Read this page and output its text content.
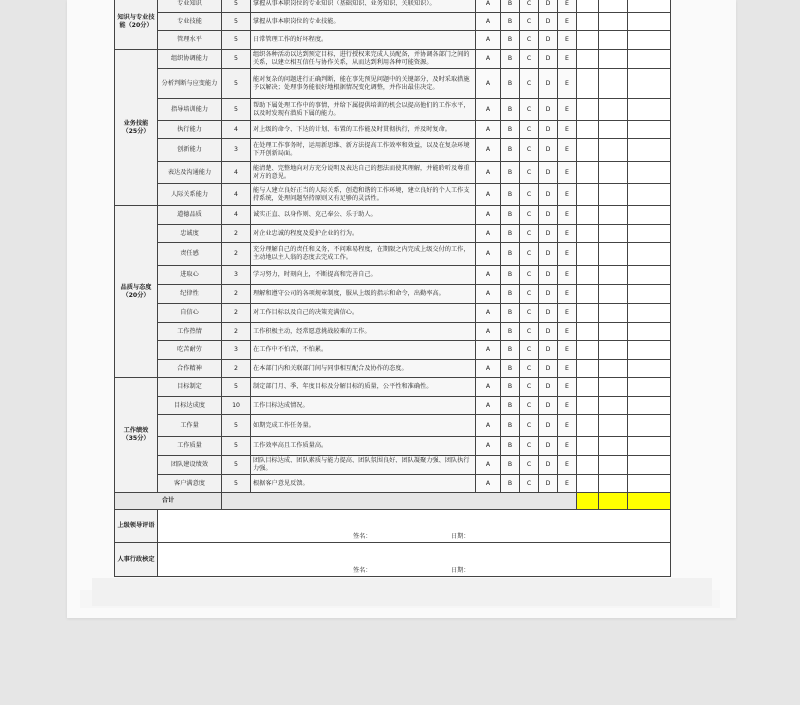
知识与专业技能（20分）	专业知识	5	掌握从事本职岗位的专业知识（基础知识、业务知识、关联知识）。	A	B	C	D	E			
	专业技能	5	掌握从事本职岗位的专业技能。	A	B	C	D	E			
	管理水平	5	日常管理工作的好坏程度。	A	B	C	D	E			
业务技能（25分）	组织协调能力	5	组织各种活动以达到预定目标，进行授权来完成人员配备，并协调各部门之间的关系，以建立相互信任与协作关系，从而达到利用各种可能资源。	A	B	C	D	E			
	分析判断与应变能力	5	能对复杂的问题进行正确判断，能在事先预见问题中的关键部分，及时采取措施予以解决；处理事务能很好地根据情况变化调整，并作出最佳决定。	A	B	C	D	E			
	指导培训能力	5	帮助下属处理工作中的事情，并给下属提供培训的机会以提高他们的工作水平，以及时发现有潜质下属的能力。	A	B	C	D	E			
	执行能力	4	对上级的命令、下达的计划、布置的工作能及时贯彻执行，并及时复命。	A	B	C	D	E			
	创新能力	3	在处理工作事务时，运用新思维、新方法提高工作效率和效益，以及在复杂环境下开创新局面。	A	B	C	D	E			
	表达及沟通能力	4	能清楚、完整地向对方充分说明及表达自己的想法而使其理解，并能聆听及尊重对方的意见。	A	B	C	D	E			
	人际关系能力	4	能与人建立良好正当的人际关系，创造和谐的工作环境，建立良好的个人工作支持系统，处理问题坚持原则又有足够的灵活性。	A	B	C	D	E			
品质与态度（20分）	道德品质	4	诚实正直、以身作则、克己奉公、乐于助人。	A	B	C	D	E			
	忠诚度	2	对企业忠诚的程度及爱护企业的行为。	A	B	C	D	E			
	责任感	2	充分理解自己的责任和义务，不问难易程度，在期限之内完成上级交付的工作，主动地以主人翁的态度去完成工作。	A	B	C	D	E			
	进取心	3	学习努力，时刻向上，不断提高和完善自己。	A	B	C	D	E			
	纪律性	2	理解和遵守公司的各项规章制度，服从上级的指示和命令，出勤率高。	A	B	C	D	E			
	自信心	2	对工作目标以及自己的决策充满信心。	A	B	C	D	E			
	工作热情	2	工作积极主动，经常愿意挑战较难的工作。	A	B	C	D	E			
	吃苦耐劳	3	在工作中不怕苦，不怕累。	A	B	C	D	E			
	合作精神	2	在本部门内和关联部门间与同事相互配合及协作的态度。	A	B	C	D	E			
工作绩效（35分）	目标制定	5	制定部门月、季、年度目标及分解目标的质量，公平性和准确性。	A	B	C	D	E			
	目标达成度	10	工作目标达成情况。	A	B	C	D	E			
	工作量	5	如期完成工作任务量。	A	B	C	D	E			
	工作质量	5	工作效率高且工作质量高。	A	B	C	D	E			
	团队建设绩效	5	团队目标达成、团队素质与能力提高、团队氛围良好、团队凝聚力强、团队执行力强。	A	B	C	D	E			
	客户满意度	5	根据客户意见反馈。	A	B	C	D	E			
合计											
上级领导评语	签名： 日期：										

人事行政核定	签名： 日期：										
